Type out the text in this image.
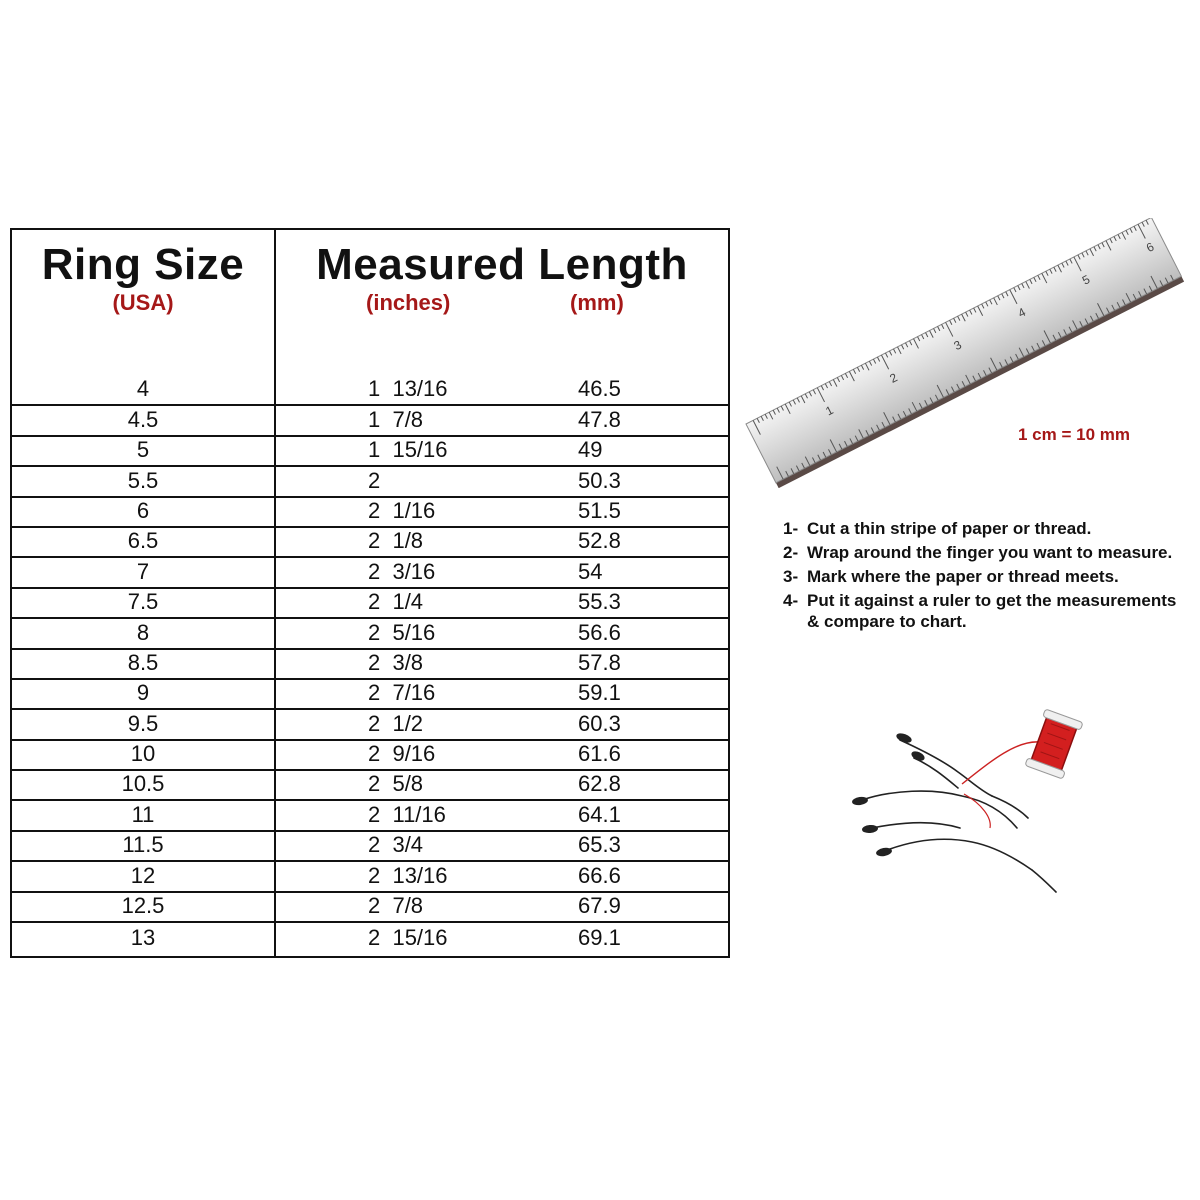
Ring Size
(USA)
Measured Length
(inches)	(mm)
4	1  13/16	46.5
4.5	1  7/8	47.8
5	1  15/16	49
5.5	2	50.3
6	2  1/16	51.5
6.5	2  1/8	52.8
7	2  3/16	54
7.5	2  1/4	55.3
8	2  5/16	56.6
8.5	2  3/8	57.8
9	2  7/16	59.1
9.5	2  1/2	60.3
10	2  9/16	61.6
10.5	2  5/8	62.8
11	2  11/16	64.1
11.5	2  3/4	65.3
12	2  13/16	66.6
12.5	2  7/8	67.9
13	2  15/16	69.1
1
2
3
4
5
6
1 cm = 10 mm
1- Cut a thin stripe of paper or thread.
2- Wrap around the finger you want to measure.
3- Mark where the paper or thread meets.
4- Put it against a ruler to get the measurements & compare to chart.
